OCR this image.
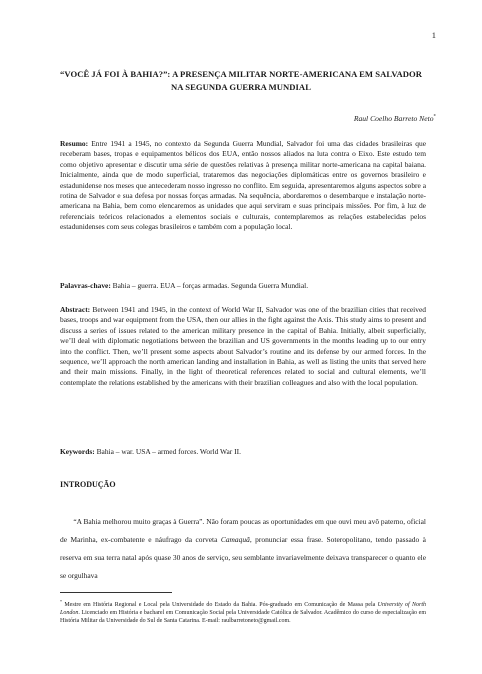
1
“VOCÊ JÁ FOI À BAHIA?”: A PRESENÇA MILITAR NORTE-AMERICANA EM SALVADOR NA SEGUNDA GUERRA MUNDIAL
Raul Coelho Barreto Neto*
Resumo: Entre 1941 a 1945, no contexto da Segunda Guerra Mundial, Salvador foi uma das cidades brasileiras que receberam bases, tropas e equipamentos bélicos dos EUA, então nossos aliados na luta contra o Eixo. Este estudo tem como objetivo apresentar e discutir uma série de questões relativas à presença militar norte-americana na capital baiana. Inicialmente, ainda que de modo superficial, trataremos das negociações diplomáticas entre os governos brasileiro e estadunidense nos meses que antecederam nosso ingresso no conflito. Em seguida, apresentaremos alguns aspectos sobre a rotina de Salvador e sua defesa por nossas forças armadas. Na sequência, abordaremos o desembarque e instalação norte-americana na Bahia, bem como elencaremos as unidades que aqui serviram e suas principais missões. Por fim, à luz de referenciais teóricos relacionados a elementos sociais e culturais, contemplaremos as relações estabelecidas pelos estadunidenses com seus colegas brasileiros e também com a população local.
Palavras-chave: Bahia – guerra. EUA – forças armadas. Segunda Guerra Mundial.
Abstract: Between 1941 and 1945, in the context of World War II, Salvador was one of the brazilian cities that received bases, troops and war equipment from the USA, then our allies in the fight against the Axis. This study aims to present and discuss a series of issues related to the american military presence in the capital of Bahia. Initially, albeit superficially, we’ll deal with diplomatic negotiations between the brazilian and US governments in the months leading up to our entry into the conflict. Then, we’ll present some aspects about Salvador’s routine and its defense by our armed forces. In the sequence, we’ll approach the north american landing and installation in Bahia, as well as listing the units that served here and their main missions. Finally, in the light of theoretical references related to social and cultural elements, we’ll contemplate the relations established by the americans with their brazilian colleagues and also with the local population.
Keywords: Bahia – war. USA – armed forces. World War II.
INTRODUÇÃO
“A Bahia melhorou muito graças à Guerra”. Não foram poucas as oportunidades em que ouvi meu avô paterno, oficial de Marinha, ex-combatente e náufrago da corveta Camaquã, pronunciar essa frase. Soteropolitano, tendo passado à reserva em sua terra natal após quase 30 anos de serviço, seu semblante invariavelmente deixava transparecer o quanto ele se orgulhava
* Mestre em História Regional e Local pela Universidade do Estado da Bahia. Pós-graduado em Comunicação de Massa pela University of North London. Licenciado em História e bacharel em Comunicação Social pela Universidade Católica de Salvador. Acadêmico do curso de especialização em História Militar da Universidade do Sul de Santa Catarina. E-mail: raulbarretoneto@gmail.com.
